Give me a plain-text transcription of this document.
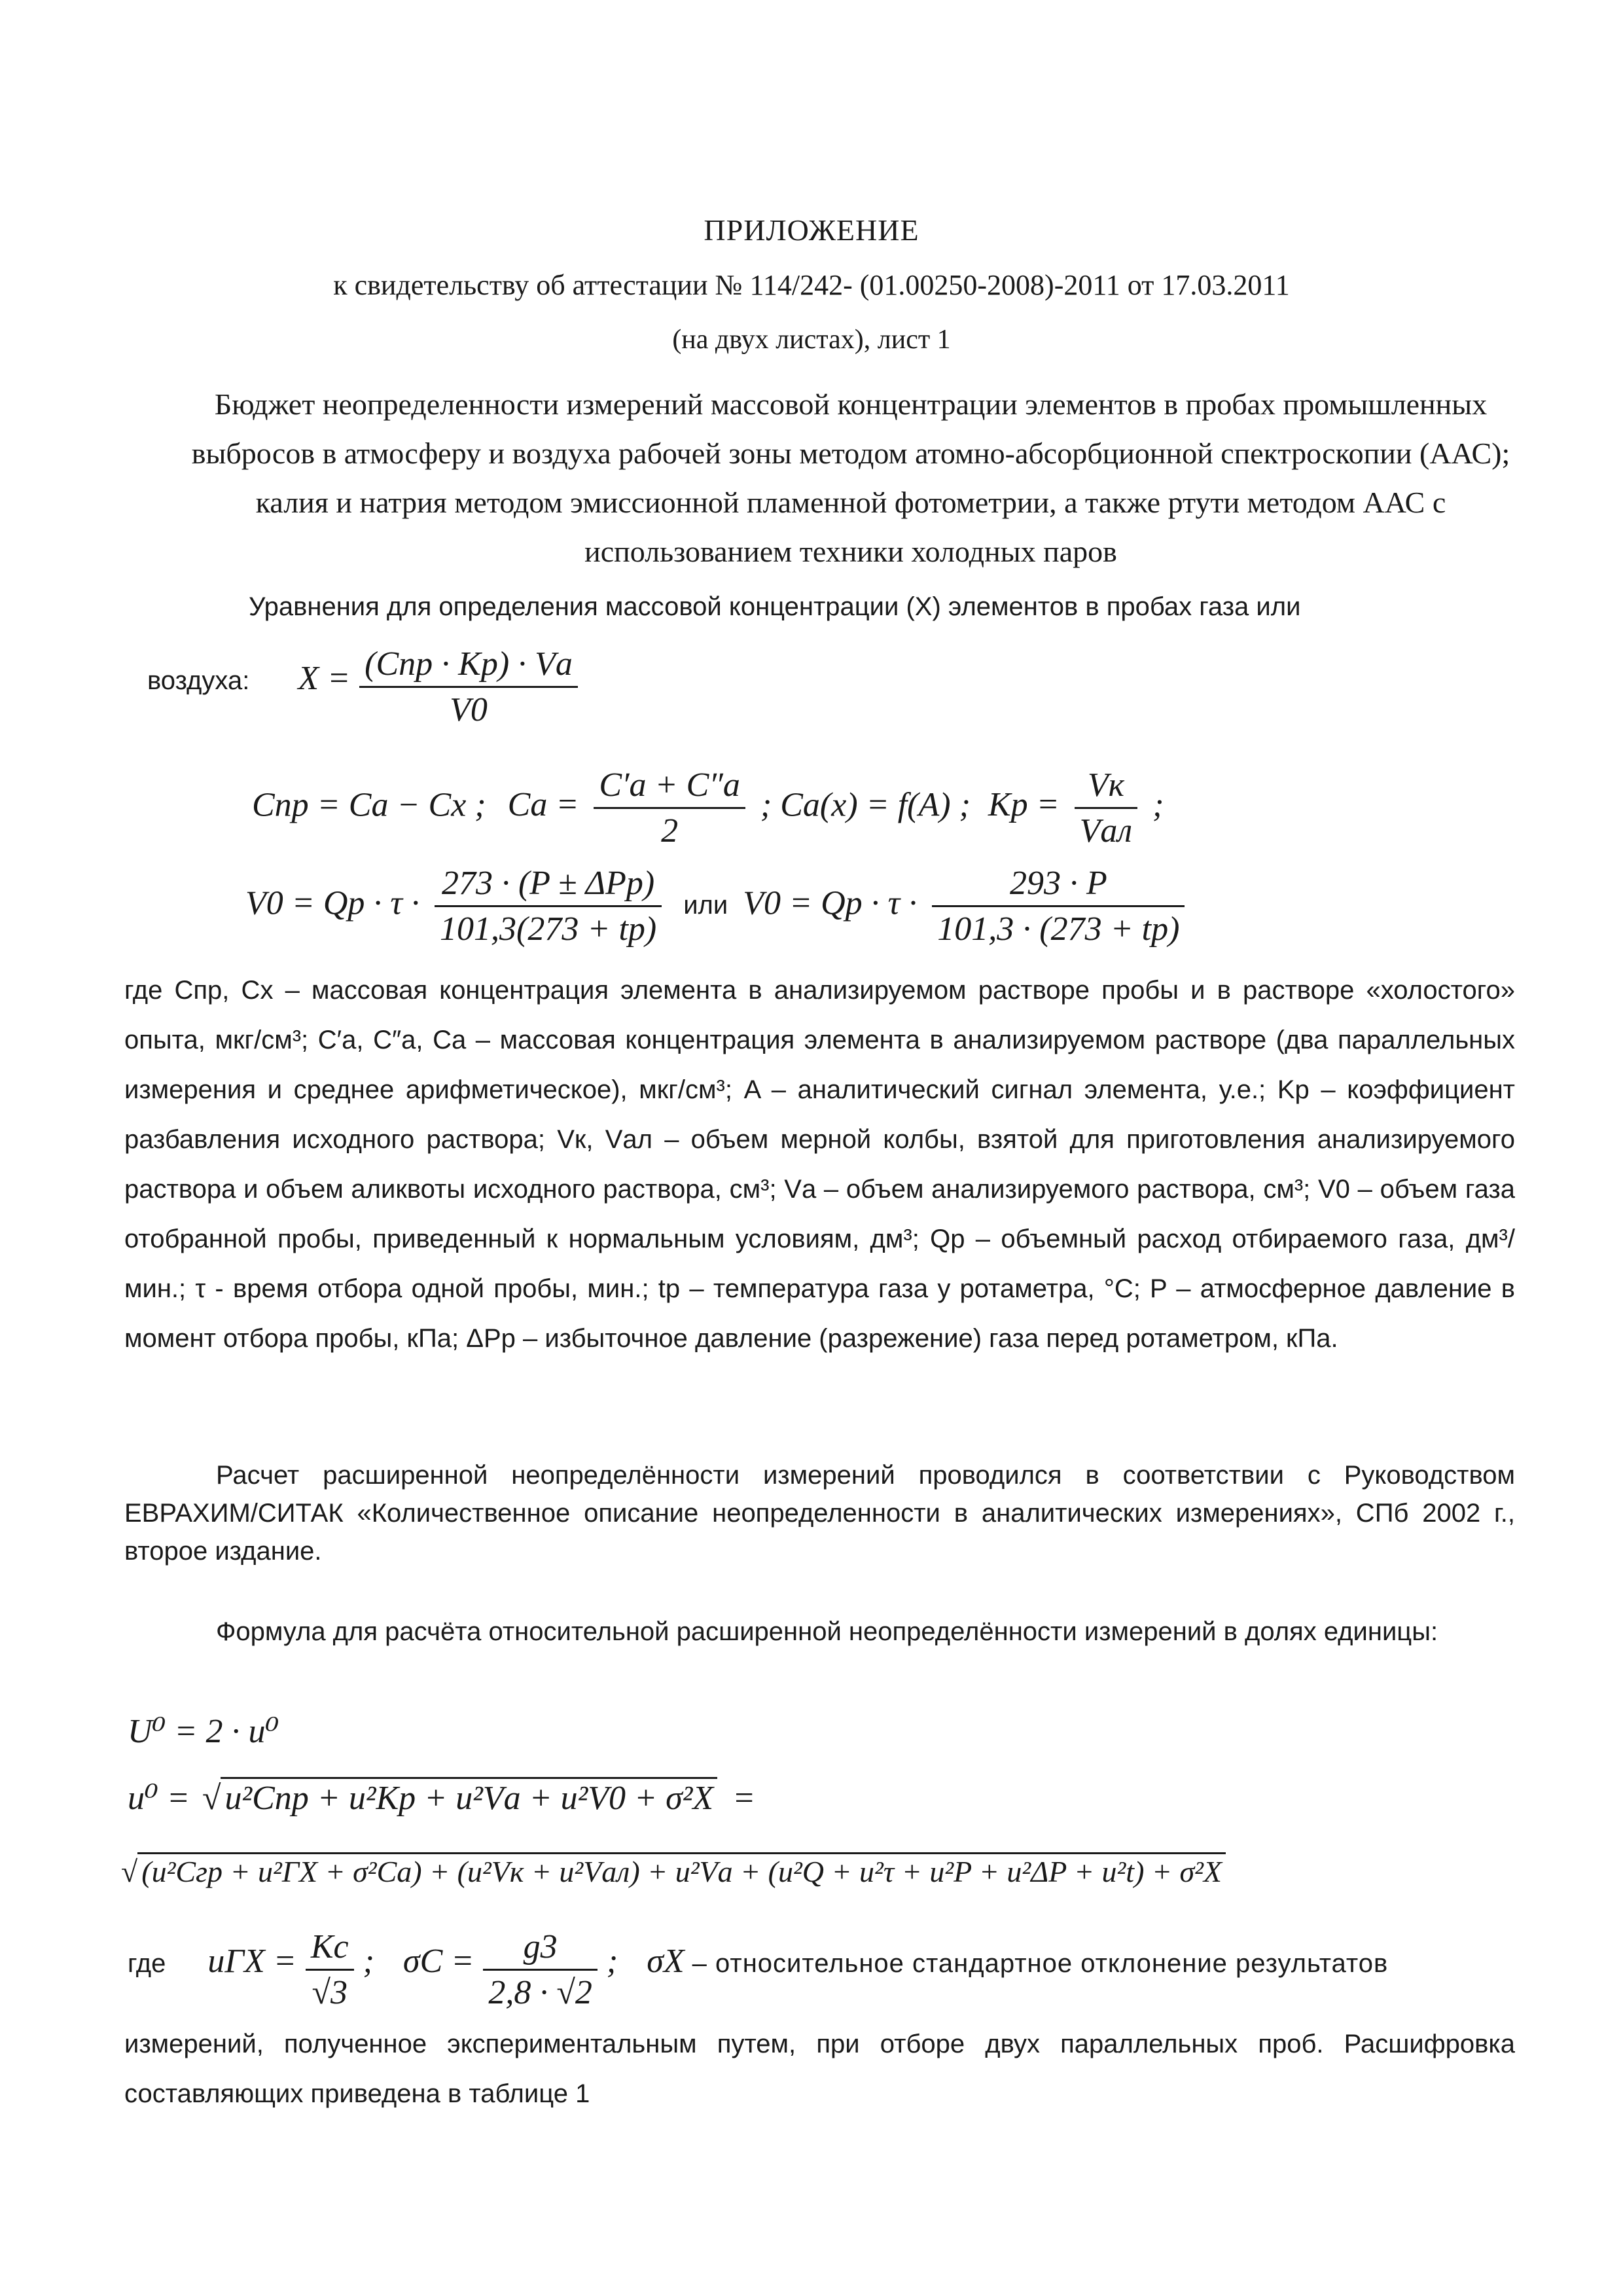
ПРИЛОЖЕНИЕ
к свидетельству об аттестации № 114/242- (01.00250-2008)-2011 от 17.03.2011
(на двух листах), лист 1
Бюджет неопределенности измерений массовой концентрации элементов в пробах промышленных выбросов в атмосферу и воздуха рабочей зоны методом атомно-абсорбционной спектроскопии (ААС); калия и натрия методом эмиссионной пламенной фотометрии, а также ртути методом ААС с использованием техники холодных паров
Уравнения для определения массовой концентрации (X) элементов в пробах газа или
воздуха: $X = \frac{\text{(Cпр · Kр) · Vа}}{V0}$
Cпр = Cа − Cх ; Cа = $\frac{C'а + C''а}{2}$ ; Cа(х) = f(A) ; Kр = $\frac{Vк}{\text{Vал}}$ ;
V0 = Qр · $\tau \cdot \frac{\text{273 · (P ± ΔPр)}}{101,3(273 + tр)}$ или V0 = Qр · $\tau \cdot \frac{293 \cdot P}{101,3 \cdot (273 + tр)}$
где Cпр, Cх – массовая концентрация элемента в анализируемом растворе пробы и в растворе «холостого» опыта, мкг/см³; C′а, C″а, Cа – массовая концентрация элемента в анализируемом растворе (два параллельных измерения и среднее арифметическое), мкг/см³; A – аналитический сигнал элемента, у.е.; Kр – коэффициент разбавления исходного раствора; Vк, Vал – объем мерной колбы, взятой для приготовления анализируемого раствора и объем аликвоты исходного раствора, см³; Vа – объем анализируемого раствора, см³; V0 – объем газа отобранной пробы, приведенный к нормальным условиям, дм³; Qр – объемный расход отбираемого газа, дм³/мин.; τ - время отбора одной пробы, мин.; tр – температура газа у ротаметра, °C; P – атмосферное давление в момент отбора пробы, кПа; ΔPр – избыточное давление (разрежение) газа перед ротаметром, кПа.
Расчет расширенной неопределённости измерений проводился в соответствии с Руководством ЕВРАХИМ/СИТАК «Количественное описание неопределенности в аналитических измерениях», СПб 2002 г., второе издание.
Формула для расчёта относительной расширенной неопределённости измерений в долях единицы:
U⁰ = 2 · u⁰
u⁰ = √ u²Cпр + u²Kр + u²Vа + u²V0 + σ²X =
√ (u²Cгр + u²ГХ + σ²Cа) + (u²Vк + u²Vал) + u²Vа + (u²Q + u²τ + u²P + u²ΔP + u²t) + σ²X
где uГХ = $\frac{Kс}{√3}$ ; $\sigma C = \frac{g3}{2,8 \cdot √2}$ ; σX – относительное стандартное отклонение результатов
измерений, полученное экспериментальным путем, при отборе двух параллельных проб. Расшифровка составляющих приведена в таблице 1
